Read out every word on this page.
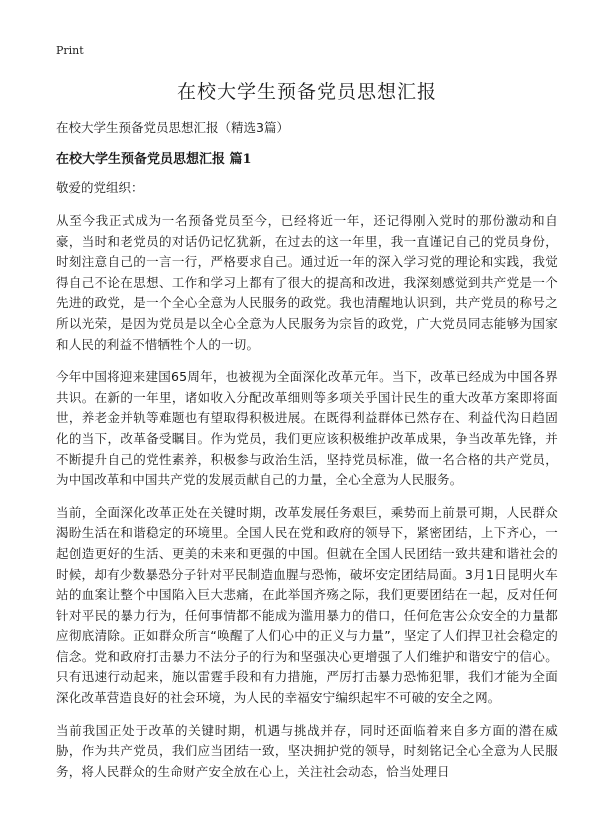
Print
在校大学生预备党员思想汇报
在校大学生预备党员思想汇报（精选3篇）
在校大学生预备党员思想汇报 篇1
敬爱的党组织：

从至今我正式成为一名预备党员至今，已经将近一年，还记得刚入党时的那份激动和自豪，当时和老党员的对话仍记忆犹新，在过去的这一年里，我一直谨记自己的党员身份，时刻注意自己的一言一行，严格要求自己。通过近一年的深入学习党的理论和实践，我觉得自己不论在思想、工作和学习上都有了很大的提高和改进，我深刻感觉到共产党是一个先进的政党，是一个全心全意为人民服务的政党。我也清醒地认识到，共产党员的称号之所以光荣，是因为党员是以全心全意为人民服务为宗旨的政党，广大党员同志能够为国家和人民的利益不惜牺牲个人的一切。

今年中国将迎来建国65周年，也被视为全面深化改革元年。当下，改革已经成为中国各界共识。在新的一年里，诸如收入分配改革细则等多项关乎国计民生的重大改革方案即将面世，养老金并轨等难题也有望取得积极进展。在既得利益群体已然存在、利益代沟日趋固化的当下，改革备受瞩目。作为党员，我们更应该积极维护改革成果，争当改革先锋，并不断提升自己的党性素养，积极参与政治生活，坚持党员标准，做一名合格的共产党员，为中国改革和中国共产党的发展贡献自己的力量，全心全意为人民服务。

当前，全面深化改革正处在关键时期，改革发展任务艰巨，乘势而上前景可期，人民群众渴盼生活在和谐稳定的环境里。全国人民在党和政府的领导下，紧密团结，上下齐心，一起创造更好的生活、更美的未来和更强的中国。但就在全国人民团结一致共建和谐社会的时候，却有少数暴恐分子针对平民制造血腥与恐怖，破坏安定团结局面。3月1日昆明火车站的血案让整个中国陷入巨大悲痛，在此举国齐殇之际，我们更要团结在一起，反对任何针对平民的暴力行为，任何事情都不能成为滥用暴力的借口，任何危害公众安全的力量都应彻底清除。正如群众所言“唤醒了人们心中的正义与力量”，坚定了人们捍卫社会稳定的信念。党和政府打击暴力不法分子的行为和坚强决心更增强了人们维护和谐安宁的信心。只有迅速行动起来，施以雷霆手段和有力措施，严厉打击暴力恐怖犯罪，我们才能为全面深化改革营造良好的社会环境，为人民的幸福安宁编织起牢不可破的安全之网。

当前我国正处于改革的关键时期，机遇与挑战并存，同时还面临着来自多方面的潜在威胁，作为共产党员，我们应当团结一致，坚决拥护党的领导，时刻铭记全心全意为人民服务，将人民群众的生命财产安全放在心上，关注社会动态，恰当处理日
